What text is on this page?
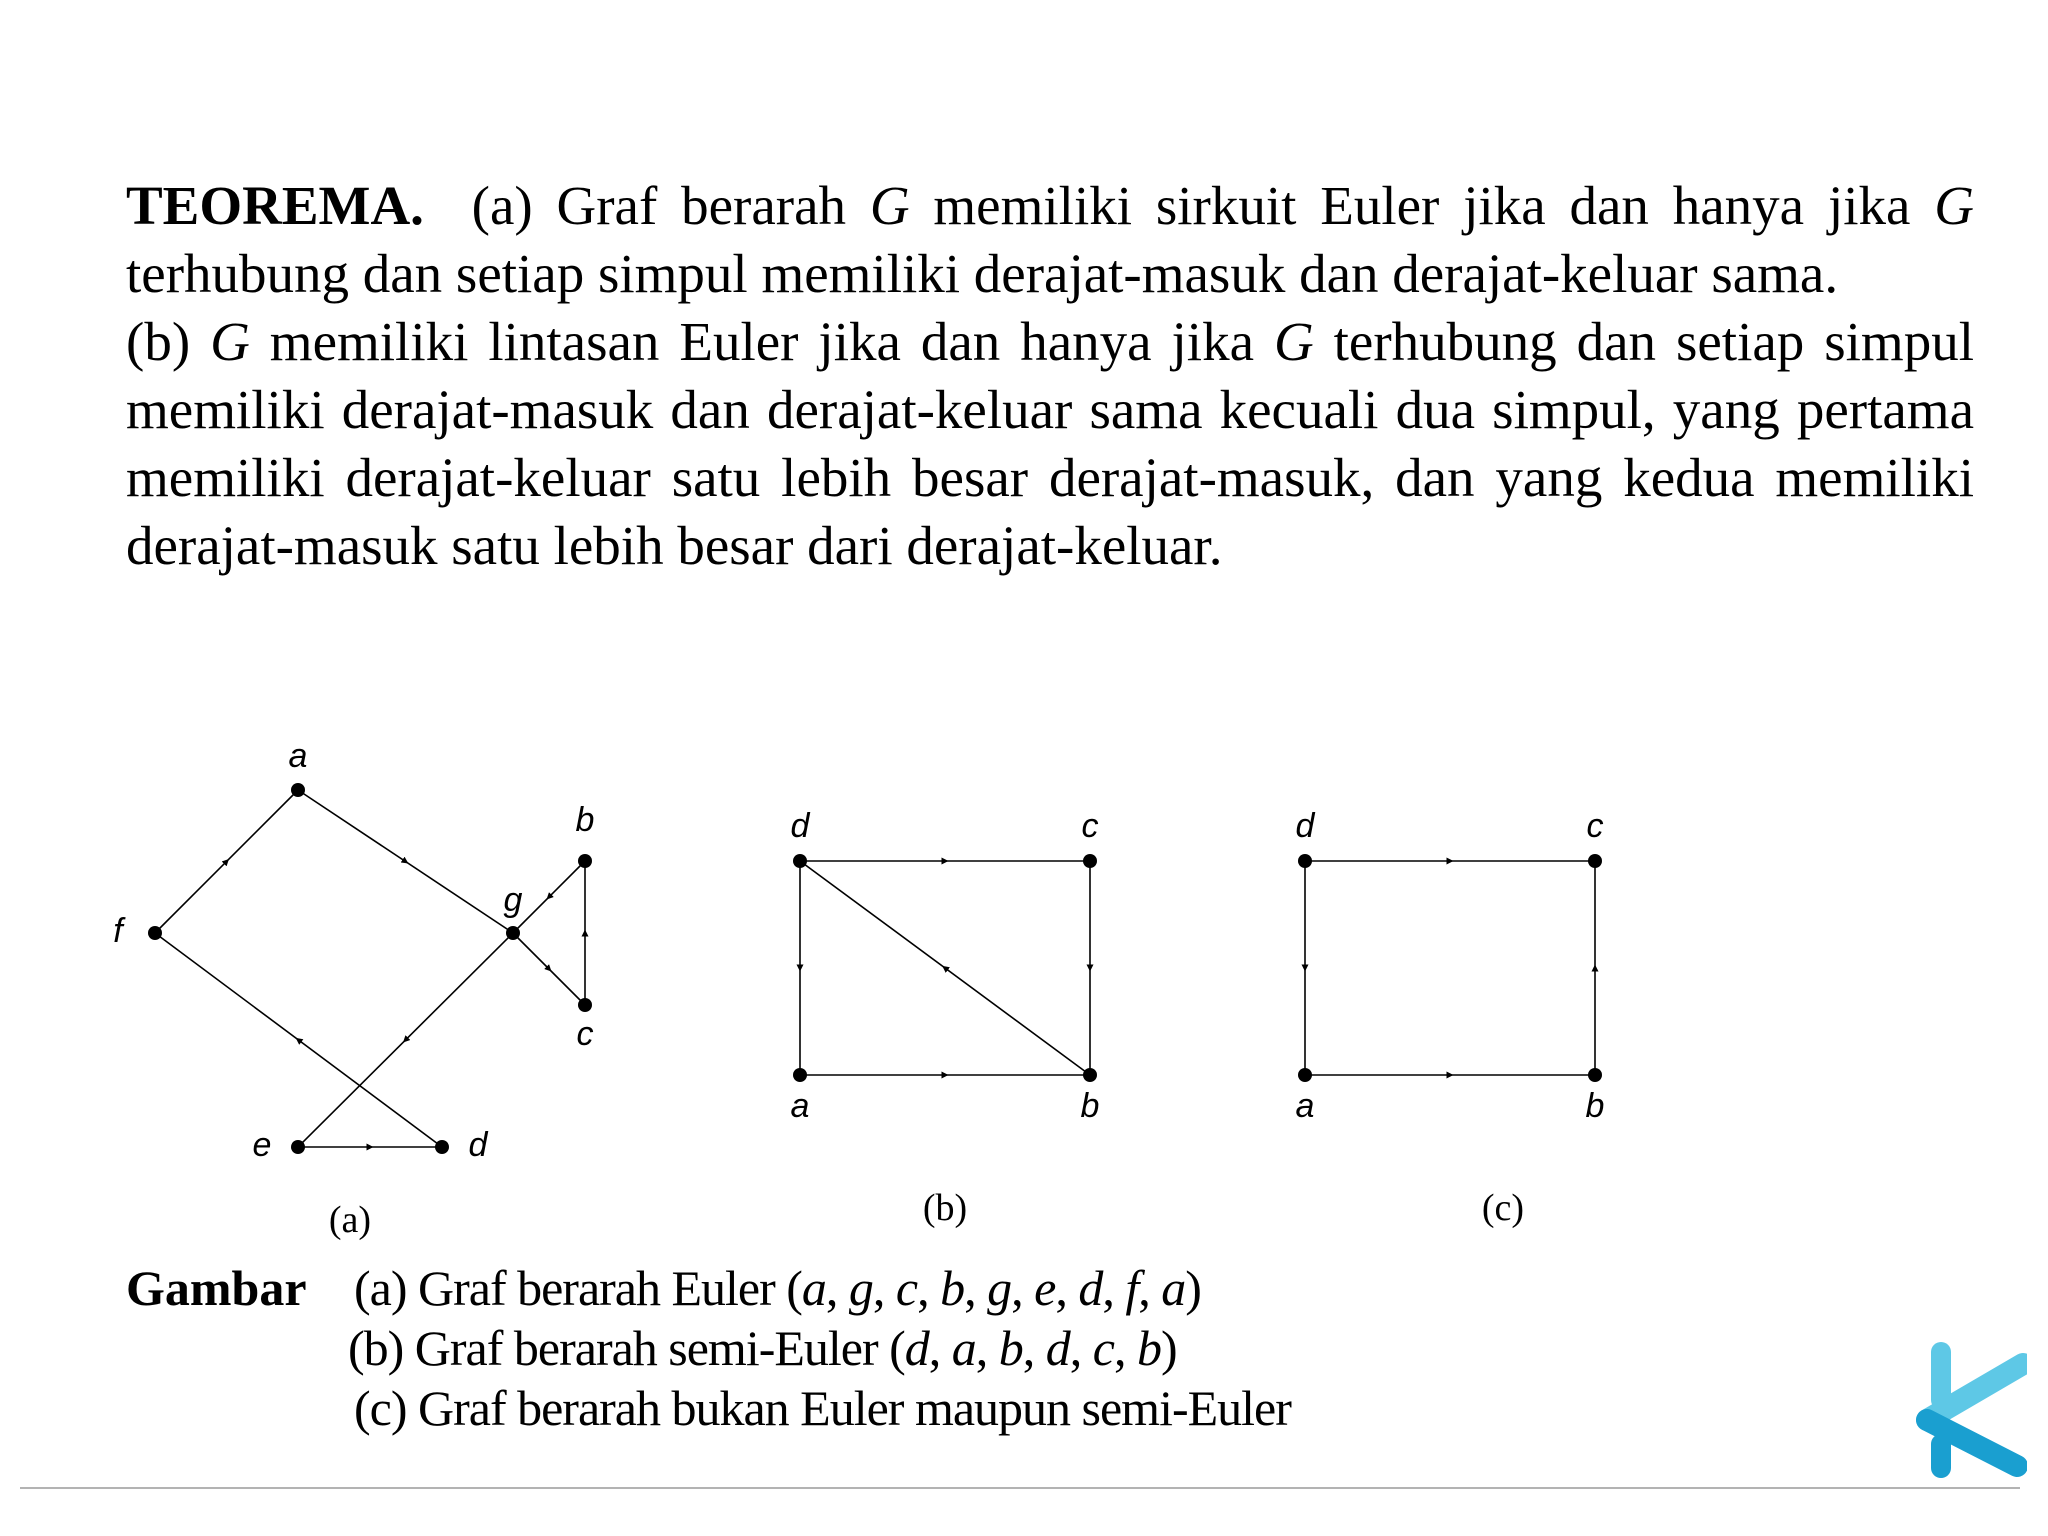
TEOREMA. (a) Graf berarah G memiliki sirkuit Euler jika dan hanya jika G terhubung dan setiap simpul memiliki derajat-masuk dan derajat-keluar sama.

(b) G memiliki lintasan Euler jika dan hanya jika G terhubung dan setiap simpul memiliki derajat-masuk dan derajat-keluar sama kecuali dua simpul, yang pertama memiliki derajat-keluar satu lebih besar derajat-masuk, dan yang kedua memiliki derajat-masuk satu lebih besar dari derajat-keluar.

a
b
c
d
e
f
g
(a)
d	c
a	b
(b)
d	c
a	b
(c)
Gambar (a) Graf berarah Euler (a, g, c, b, g, e, d, f, a)
(b) Graf berarah semi-Euler (d, a, b, d, c, b)
(c) Graf berarah bukan Euler maupun semi-Euler
